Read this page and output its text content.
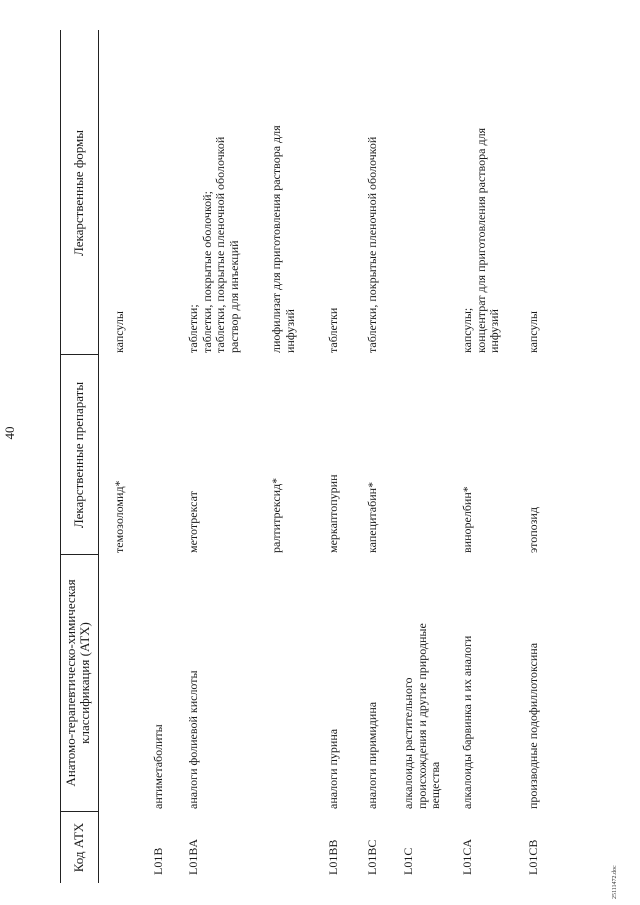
40
Код АТХ
Анатомо-терапевтическо-химическая классификация (АТХ)
Лекарственные препараты
Лекарственные формы
темозоломид*
капсулы
L01B
антиметаболиты
L01BA
аналоги фолиевой кислоты
метотрексат
таблетки;
таблетки, покрытые оболочкой;
таблетки, покрытые пленочной оболочкой
раствор для инъекций
ралтитрексид*
лиофилизат для приготовления раствора для
инфузий
L01BB
аналоги пурина
меркаптопурин
таблетки
L01BC
аналоги пиримидина
капецитабин*
таблетки, покрытые пленочной оболочкой
L01C
алкалоиды растительного
происхождения и другие природные
вещества
L01CA
алкалоиды барвинка и их аналоги
винорелбин*
капсулы;
концентрат для приготовления раствора для
инфузий
L01CB
производные подофиллотоксина
этопозид
капсулы
25111472.doc
